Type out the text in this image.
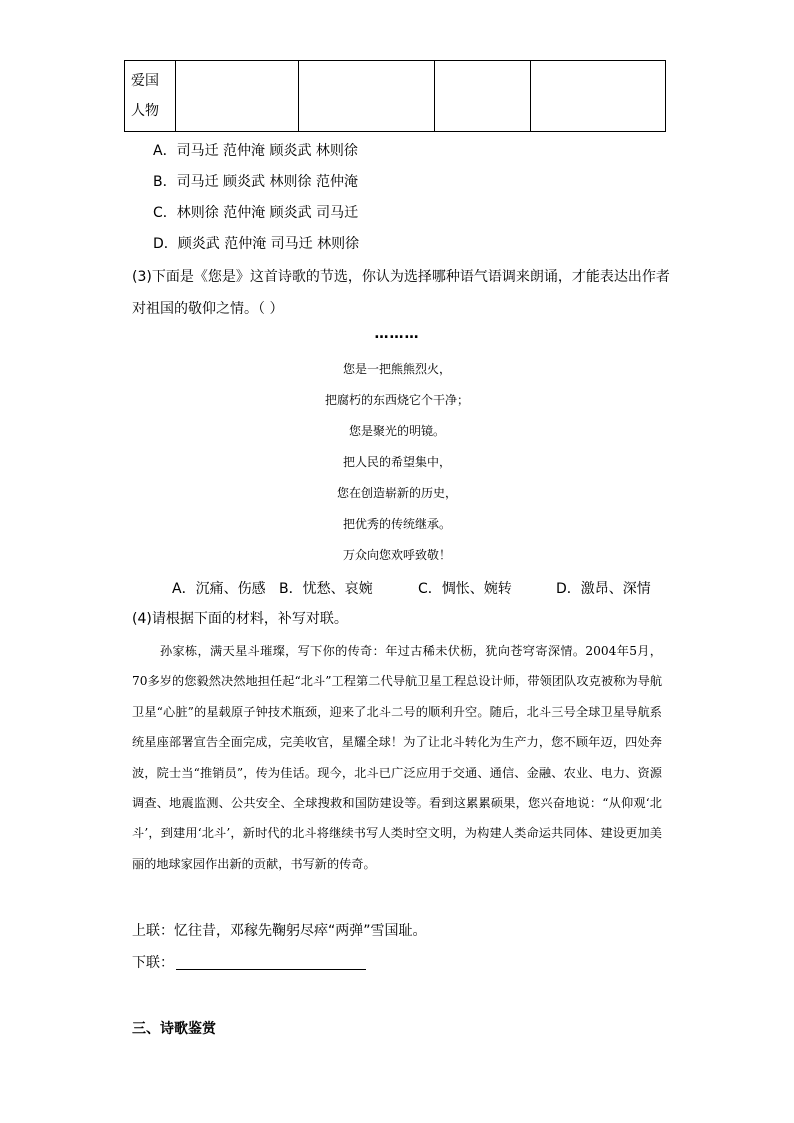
爱国
人物				
A．司马迁 范仲淹 顾炎武 林则徐
B．司马迁 顾炎武 林则徐 范仲淹
C．林则徐 范仲淹 顾炎武 司马迁
D．顾炎武 范仲淹 司马迁 林则徐
(3)下面是《您是》这首诗歌的节选，你认为选择哪种语气语调来朗诵，才能表达出作者对祖国的敬仰之情。（ ）
………
您是一把熊熊烈火，
把腐朽的东西烧它个干净；
您是聚光的明镜。
把人民的希望集中，
您在创造崭新的历史，
把优秀的传统继承。
万众向您欢呼致敬！
A．沉痛、伤感 B．忧愁、哀婉	C．惆怅、婉转	D．激昂、深情
(4)请根据下面的材料，补写对联。

孙家栋，满天星斗璀璨，写下你的传奇：年过古稀未伏枥，犹向苍穹寄深情。2004年5月，70多岁的您毅然决然地担任起“北斗”工程第二代导航卫星工程总设计师，带领团队攻克被称为导航卫星“心脏”的星载原子钟技术瓶颈，迎来了北斗二号的顺利升空。随后，北斗三号全球卫星导航系统星座部署宣告全面完成，完美收官，星耀全球！为了让北斗转化为生产力，您不顾年迈，四处奔波，院士当“推销员”，传为佳话。现今，北斗已广泛应用于交通、通信、金融、农业、电力、资源调查、地震监测、公共安全、全球搜救和国防建设等。看到这累累硕果，您兴奋地说：“从仰观‘北斗’，到建用‘北斗’，新时代的北斗将继续书写人类时空文明，为构建人类命运共同体、建设更加美丽的地球家园作出新的贡献，书写新的传奇。

上联：忆往昔，邓稼先鞠躬尽瘁“两弹”雪国耻。
下联：
三、诗歌鉴赏
